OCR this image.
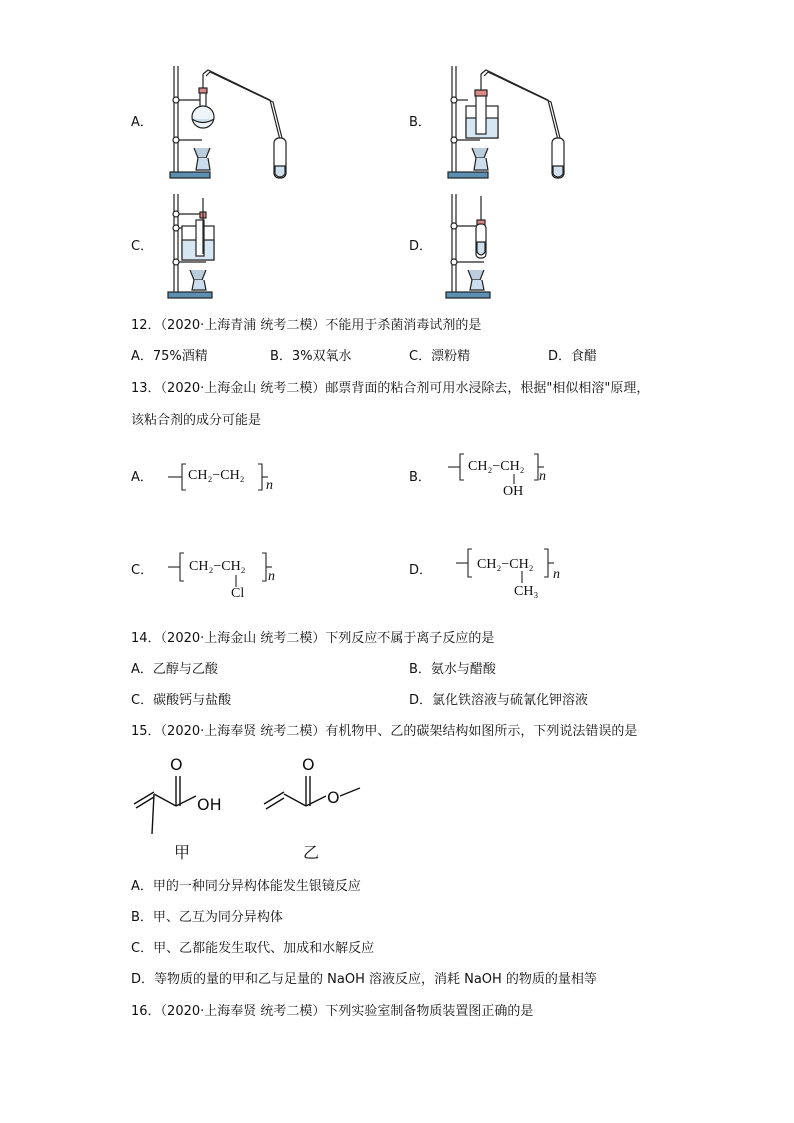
A．	B．
C．	D．
12．（2020·上海青浦 统考二模）不能用于杀菌消毒试剂的是
A．75%酒精	B．3%双氧水	C．漂粉精	D．食醋
13．（2020·上海金山 统考二模）邮票背面的粘合剂可用水浸除去，根据"相似相溶"原理，
该粘合剂的成分可能是
A．	CH₂−CH₂
n
B．
CH₂−CH₂
n
OH
C．	CH₂−CH₂
n
Cl
D．	CH₂−CH₂
n
CH₃
14．（2020·上海金山 统考二模）下列反应不属于离子反应的是
A．乙醇与乙酸	B．氨水与醋酸
C．碳酸钙与盐酸	D．氯化铁溶液与硫氰化钾溶液
15．（2020·上海奉贤 统考二模）有机物甲、乙的碳架结构如图所示，下列说法错误的是
O
OH
甲
O
O
乙
A．甲的一种同分异构体能发生银镜反应
B．甲、乙互为同分异构体
C．甲、乙都能发生取代、加成和水解反应
D．等物质的量的甲和乙与足量的 NaOH 溶液反应，消耗 NaOH 的物质的量相等
16．（2020·上海奉贤 统考二模）下列实验室制备物质装置图正确的是
